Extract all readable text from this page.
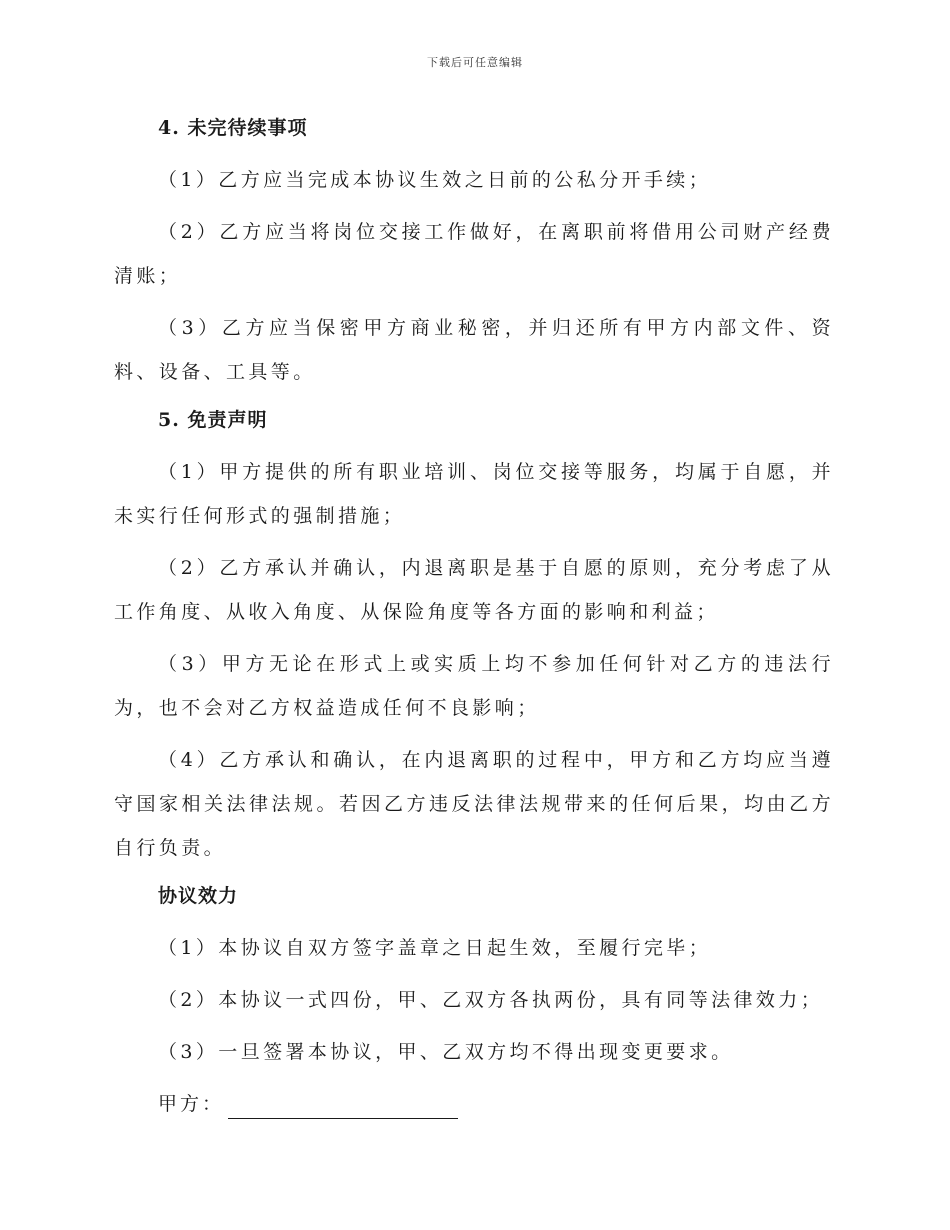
下载后可任意编辑

4. 未完待续事项

（1）乙方应当完成本协议生效之日前的公私分开手续；

（2）乙方应当将岗位交接工作做好，在离职前将借用公司财产经费清账；

（3）乙方应当保密甲方商业秘密，并归还所有甲方内部文件、资料、设备、工具等。

5. 免责声明

（1）甲方提供的所有职业培训、岗位交接等服务，均属于自愿，并未实行任何形式的强制措施；

（2）乙方承认并确认，内退离职是基于自愿的原则，充分考虑了从工作角度、从收入角度、从保险角度等各方面的影响和利益；

（3）甲方无论在形式上或实质上均不参加任何针对乙方的违法行为，也不会对乙方权益造成任何不良影响；

（4）乙方承认和确认，在内退离职的过程中，甲方和乙方均应当遵守国家相关法律法规。若因乙方违反法律法规带来的任何后果，均由乙方自行负责。

协议效力

（1）本协议自双方签字盖章之日起生效，至履行完毕；

（2）本协议一式四份，甲、乙双方各执两份，具有同等法律效力；

（3）一旦签署本协议，甲、乙双方均不得出现变更要求。

甲方：
